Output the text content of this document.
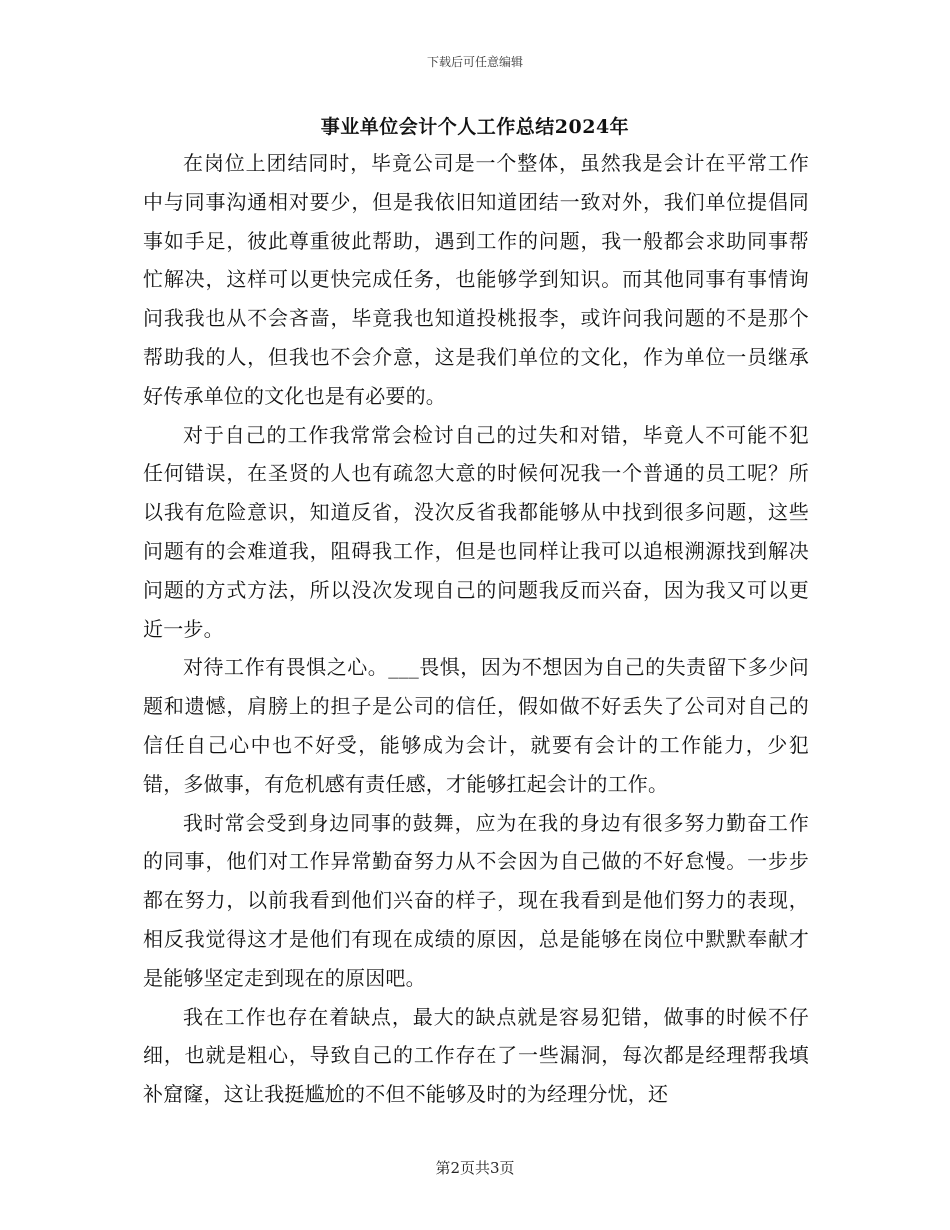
下载后可任意编辑
事业单位会计个人工作总结2024年

在岗位上团结同时，毕竟公司是一个整体，虽然我是会计在平常工作中与同事沟通相对要少，但是我依旧知道团结一致对外，我们单位提倡同事如手足，彼此尊重彼此帮助，遇到工作的问题，我一般都会求助同事帮忙解决，这样可以更快完成任务，也能够学到知识。而其他同事有事情询问我我也从不会吝啬，毕竟我也知道投桃报李，或许问我问题的不是那个帮助我的人，但我也不会介意，这是我们单位的文化，作为单位一员继承好传承单位的文化也是有必要的。

对于自己的工作我常常会检讨自己的过失和对错，毕竟人不可能不犯任何错误，在圣贤的人也有疏忽大意的时候何况我一个普通的员工呢？所以我有危险意识，知道反省，没次反省我都能够从中找到很多问题，这些问题有的会难道我，阻碍我工作，但是也同样让我可以追根溯源找到解决问题的方式方法，所以没次发现自己的问题我反而兴奋，因为我又可以更近一步。

对待工作有畏惧之心。___畏惧，因为不想因为自己的失责留下多少问题和遗憾，肩膀上的担子是公司的信任，假如做不好丢失了公司对自己的信任自己心中也不好受，能够成为会计，就要有会计的工作能力，少犯错，多做事，有危机感有责任感，才能够扛起会计的工作。

我时常会受到身边同事的鼓舞，应为在我的身边有很多努力勤奋工作的同事，他们对工作异常勤奋努力从不会因为自己做的不好怠慢。一步步都在努力，以前我看到他们兴奋的样子，现在我看到是他们努力的表现，相反我觉得这才是他们有现在成绩的原因，总是能够在岗位中默默奉献才是能够坚定走到现在的原因吧。

我在工作也存在着缺点，最大的缺点就是容易犯错，做事的时候不仔细，也就是粗心，导致自己的工作存在了一些漏洞，每次都是经理帮我填补窟窿，这让我挺尴尬的不但不能够及时的为经理分忧，还

第2页共3页
